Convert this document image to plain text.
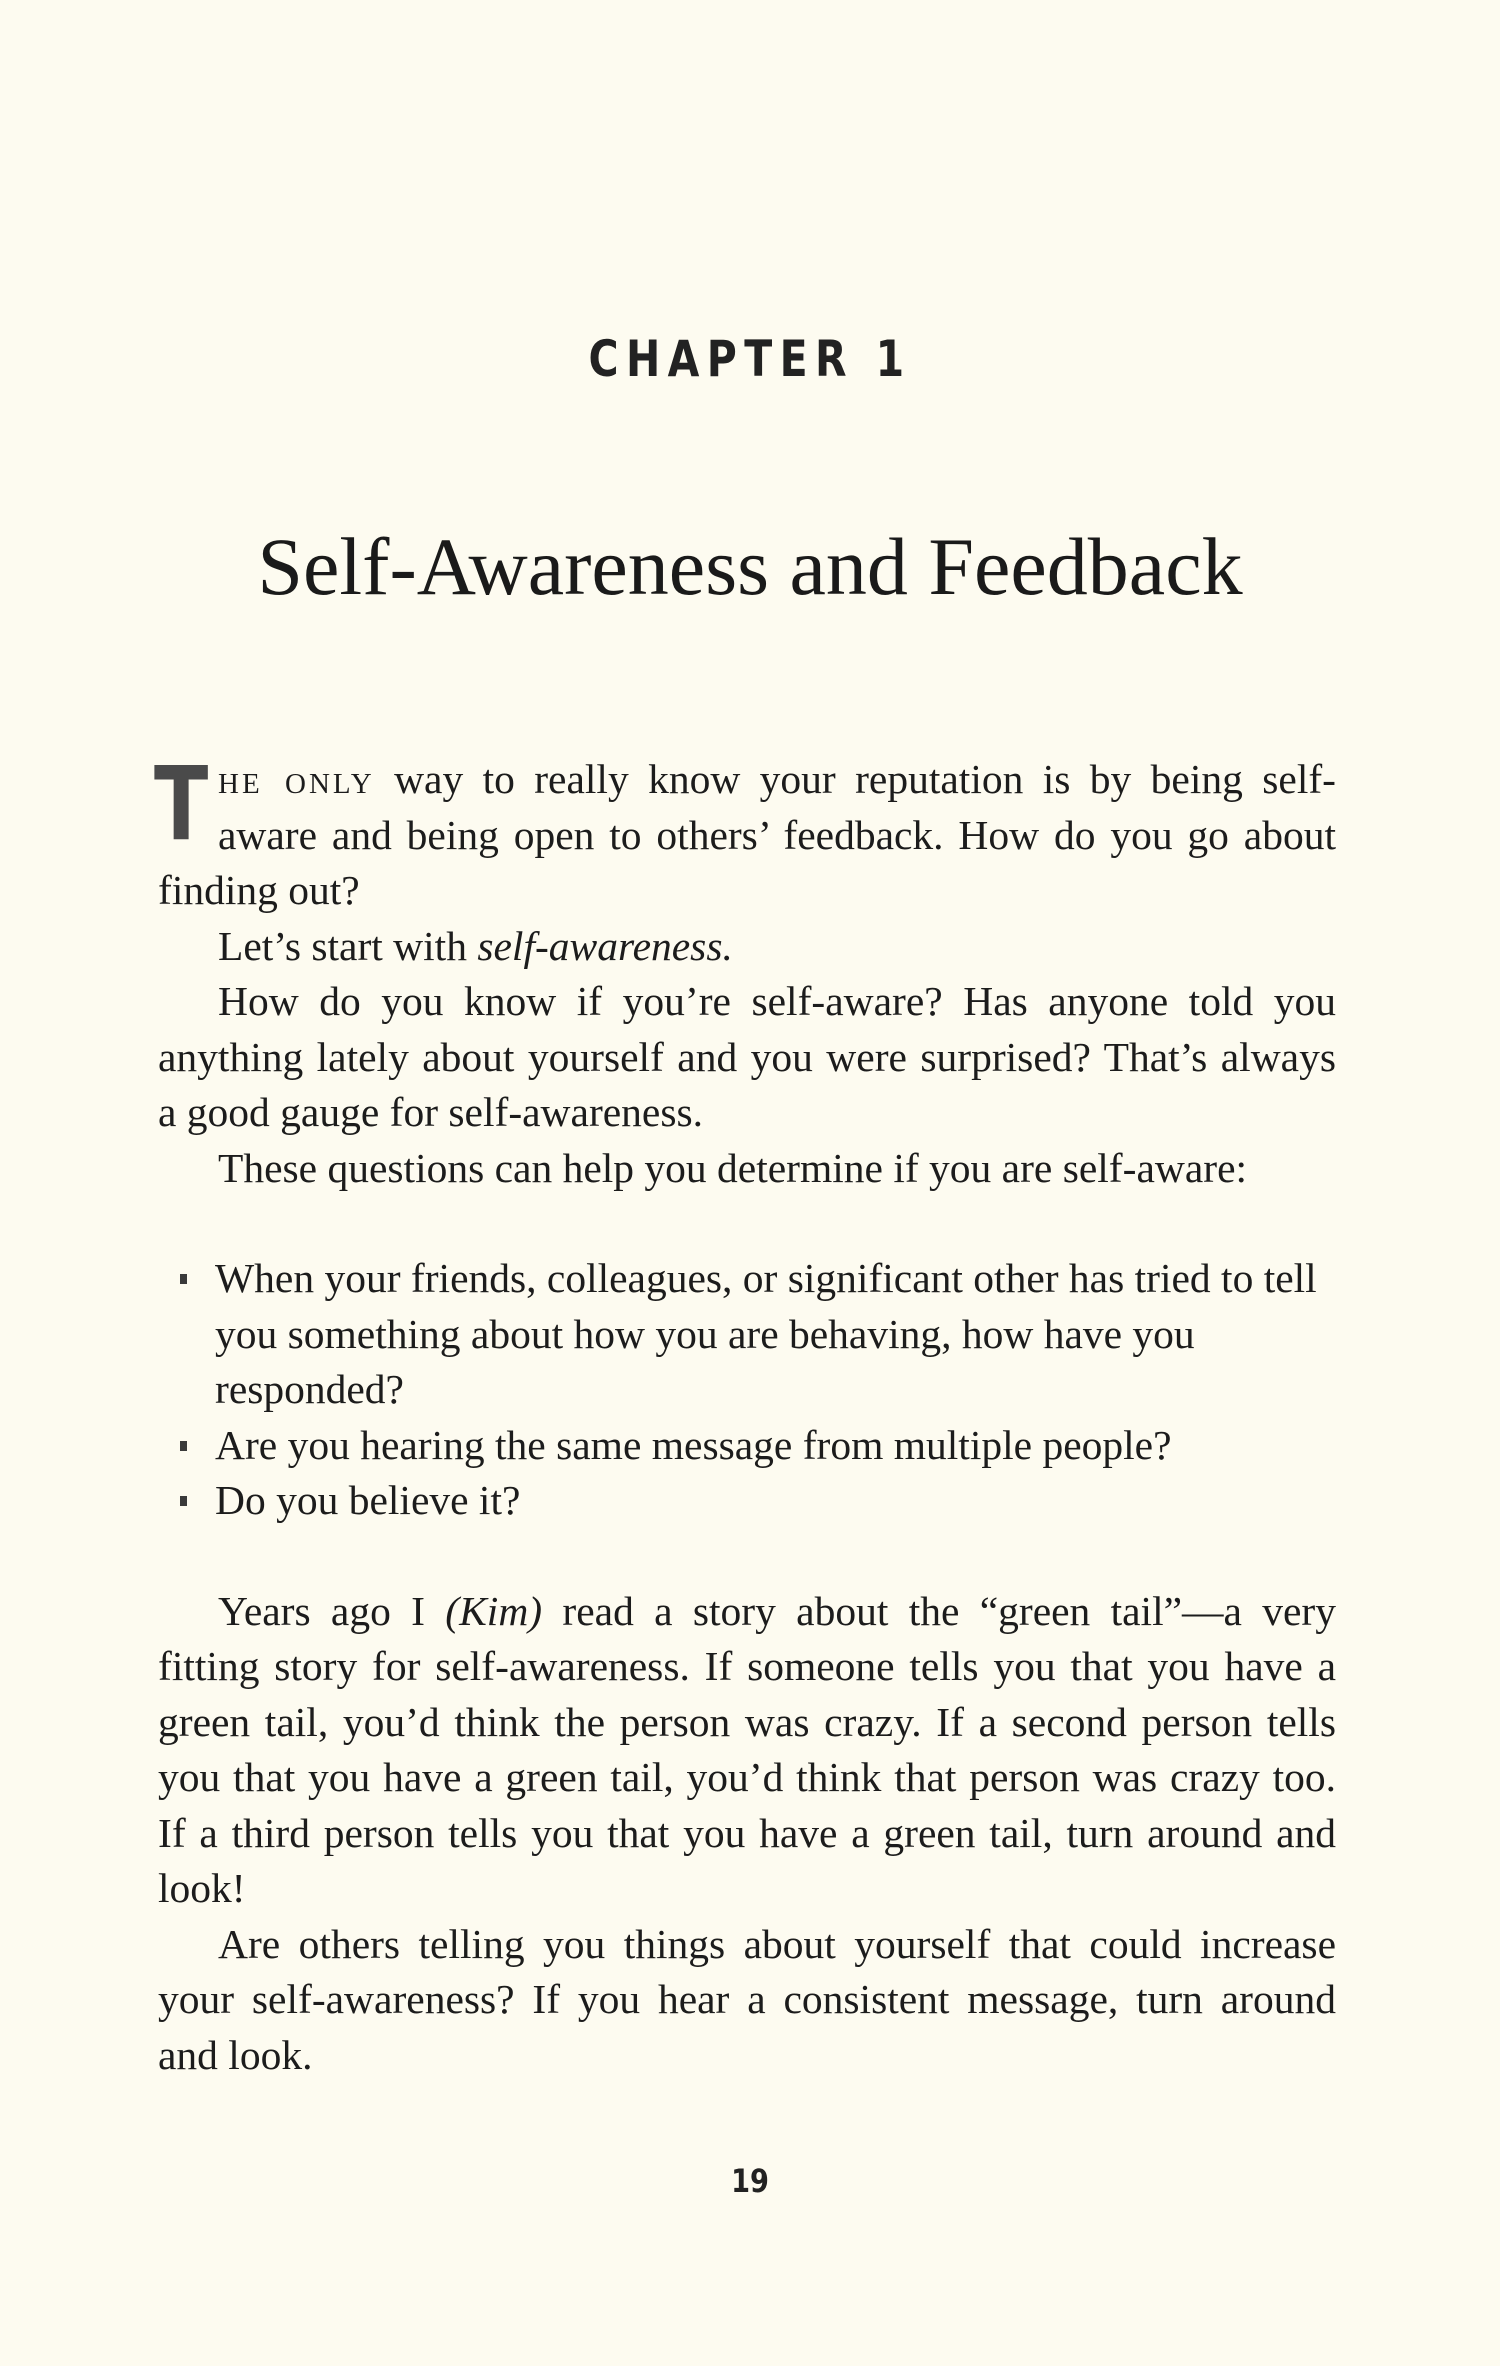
CHAPTER 1
Self-Awareness and Feedback

The only way to really know your reputation is by being self-aware and being open to others’ feedback. How do you go about finding out?

Let’s start with self-awareness.

How do you know if you’re self-aware? Has anyone told you anything lately about yourself and you were surprised? That’s always a good gauge for self-awareness.

These questions can help you determine if you are self-aware:

When your friends, colleagues, or significant other has tried to tell you something about how you are behaving, how have you responded?
Are you hearing the same message from multiple people?
Do you believe it?

Years ago I (Kim) read a story about the “green tail”—a very fitting story for self-awareness. If someone tells you that you have a green tail, you’d think the person was crazy. If a second person tells you that you have a green tail, you’d think that person was crazy too. If a third person tells you that you have a green tail, turn around and look!

Are others telling you things about yourself that could increase your self-awareness? If you hear a consistent message, turn around and look.

19
